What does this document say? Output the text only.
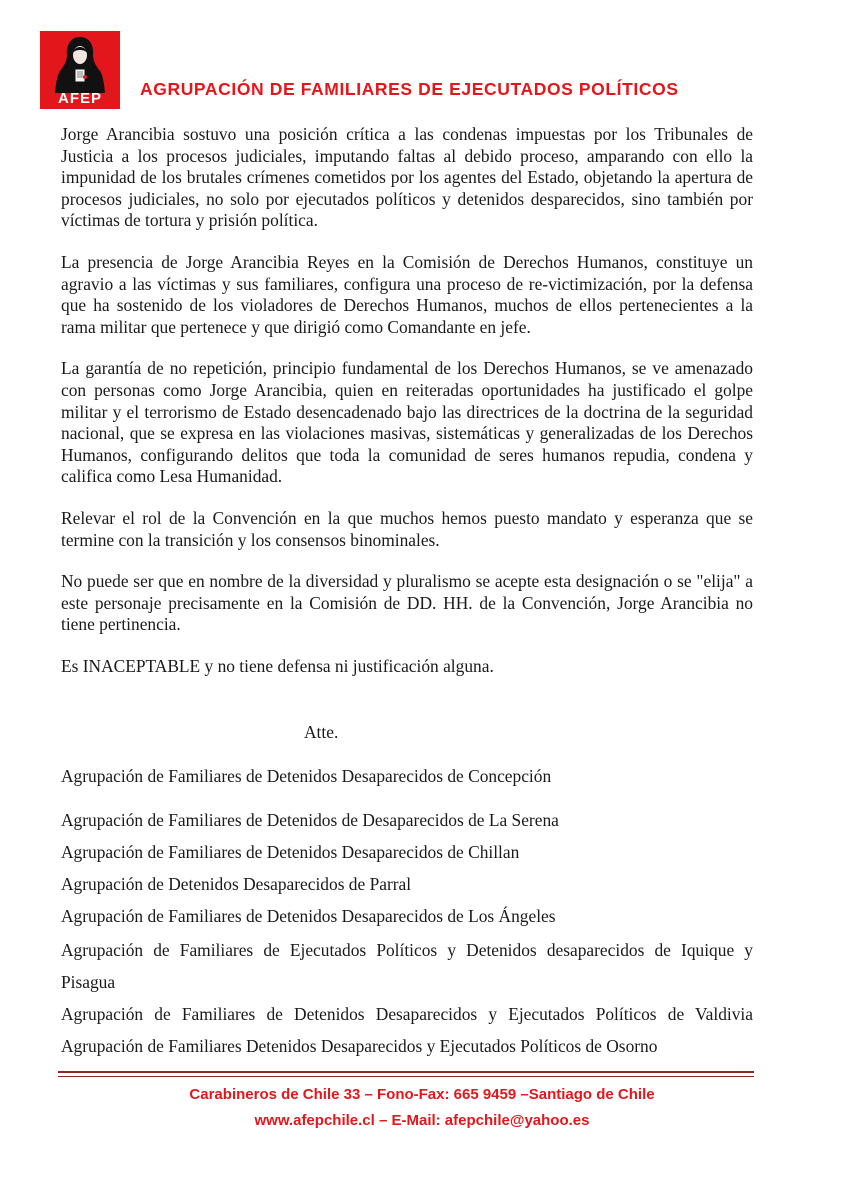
AFEP	AGRUPACIÓN DE FAMILIARES DE EJECUTADOS POLÍTICOS

Jorge Arancibia sostuvo una posición crítica a las condenas impuestas por los Tribunales de Justicia a los procesos judiciales, imputando faltas al debido proceso, amparando con ello la impunidad de los brutales crímenes cometidos por los agentes del Estado, objetando la apertura de procesos judiciales, no solo por ejecutados políticos y detenidos desparecidos, sino también por víctimas de tortura y prisión política.

La presencia de Jorge Arancibia Reyes en la Comisión de Derechos Humanos, constituye un agravio a las víctimas y sus familiares, configura una proceso de re-victimización, por la defensa que ha sostenido de los violadores de Derechos Humanos, muchos de ellos pertenecientes a la rama militar que pertenece y que dirigió como Comandante en jefe.

La garantía de no repetición, principio fundamental de los Derechos Humanos, se ve amenazado con personas como Jorge Arancibia, quien en reiteradas oportunidades ha justificado el golpe militar y el terrorismo de Estado desencadenado bajo las directrices de la doctrina de la seguridad nacional, que se expresa en las violaciones masivas, sistemáticas y generalizadas de los Derechos Humanos, configurando delitos que toda la comunidad de seres humanos repudia, condena y califica como Lesa Humanidad.

Relevar el rol de la Convención en la que muchos hemos puesto mandato y esperanza que se termine con la transición y los consensos binominales.

No puede ser que en nombre de la diversidad y pluralismo se acepte esta designación o se "elija" a este personaje precisamente en la Comisión de DD. HH. de la Convención, Jorge Arancibia no tiene pertinencia.

Es INACEPTABLE y no tiene defensa ni justificación alguna.

Atte.
Agrupación de Familiares de Detenidos Desaparecidos de Concepción
Agrupación de Familiares de Detenidos de Desaparecidos de La Serena
Agrupación de Familiares de Detenidos Desaparecidos de Chillan
Agrupación de Detenidos Desaparecidos de Parral
Agrupación de Familiares de Detenidos Desaparecidos de Los Ángeles
Agrupación de Familiares de Ejecutados Políticos y Detenidos desaparecidos de Iquique y
Pisagua
Agrupación de Familiares de Detenidos Desaparecidos y Ejecutados Políticos de Valdivia
Agrupación de Familiares Detenidos Desaparecidos y Ejecutados Políticos de Osorno
Carabineros de Chile 33 – Fono-Fax: 665 9459 –Santiago de Chile
www.afepchile.cl – E-Mail: afepchile@yahoo.es
